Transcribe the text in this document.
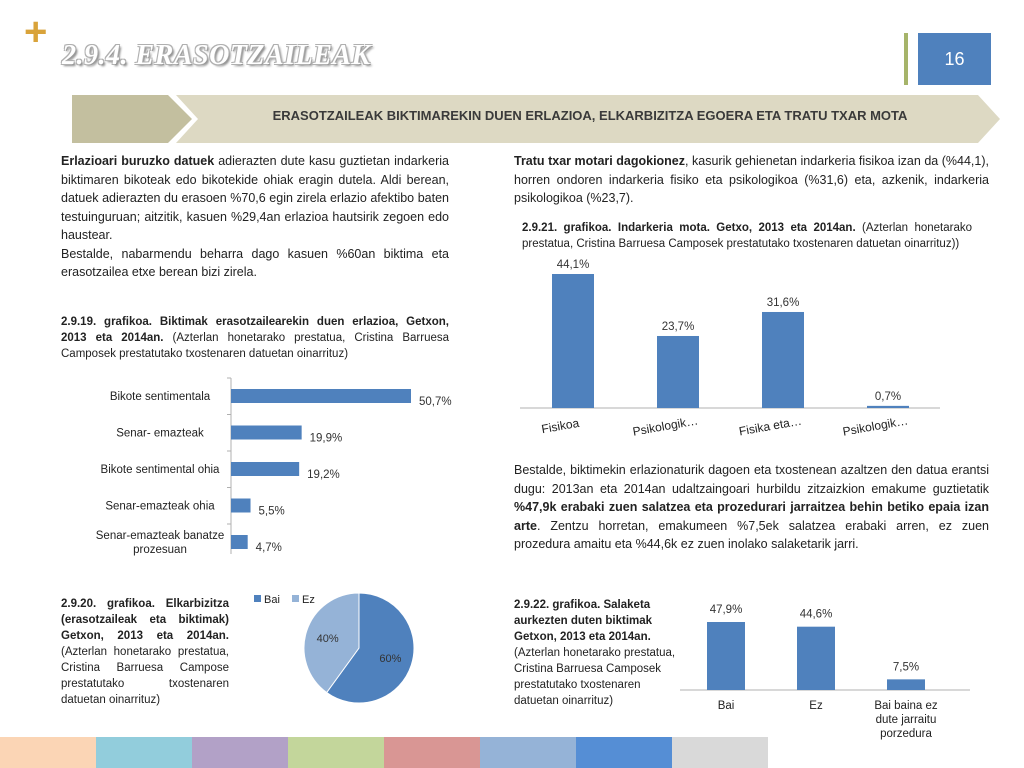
+
2.9.4. ERASOTZAILEAK	16
ERASOTZAILEAK BIKTIMAREKIN DUEN ERLAZIOA, ELKARBIZITZA EGOERA ETA TRATU TXAR MOTA
Erlazioari buruzko datuek adierazten dute kasu guztietan indarkeria biktimaren bikoteak edo bikotekide ohiak eragin dutela. Aldi berean, datuek adierazten du erasoen %70,6 egin zirela erlazio afektibo baten testuinguruan; aitzitik, kasuen %29,4an erlazioa hautsirik zegoen edo haustear.
Bestalde, nabarmendu beharra dago kasuen %60an biktima eta erasotzailea etxe berean bizi zirela.
2.9.19. grafikoa. Biktimak erasotzailearekin duen erlazioa, Getxon, 2013 eta 2014an. (Azterlan honetarako prestatua, Cristina Barruesa Camposek prestatutako txostenaren datuetan oinarrituz)
50,7%
Bikote sentimentala
19,9%
Senar- emazteak
19,2%
Bikote sentimental ohia
5,5%
Senar-emazteak ohia
4,7%
Senar-emazteak banatze
prozesuan
2.9.20. grafikoa. Elkarbizitza (erasotzaileak eta biktimak) Getxon, 2013 eta 2014an. (Azterlan honetarako prestatua, Cristina Barruesa Campose prestatutako txostenaren datuetan oinarrituz)
Bai Ez
60%
40%
Tratu txar motari dagokionez, kasurik gehienetan indarkeria fisikoa izan da (%44,1), horren ondoren indarkeria fisiko eta psikologikoa (%31,6) eta, azkenik, indarkeria psikologikoa (%23,7).
2.9.21. grafikoa. Indarkeria mota. Getxo, 2013 eta 2014an. (Azterlan honetarako prestatua, Cristina Barruesa Camposek prestatutako txostenaren datuetan oinarrituz))
44,1%
Fisikoa
23,7%
Psikologik…
31,6%
Fisika eta…
0,7%
Psikologik…
Bestalde, biktimekin erlazionaturik dagoen eta txostenean azaltzen den datua erantsi dugu: 2013an eta 2014an udaltzaingoari hurbildu zitzaizkion emakume guztietatik %47,9k erabaki zuen salatzea eta prozedurari jarraitzea behin betiko epaia izan arte. Zentzu horretan, emakumeen %7,5ek salatzea erabaki arren, ez zuen prozedura amaitu eta %44,6k ez zuen inolako salaketarik jarri.
2.9.22. grafikoa. Salaketa aurkezten duten biktimak Getxon, 2013 eta 2014an. (Azterlan honetarako prestatua, Cristina Barruesa Camposek prestatutako txostenaren datuetan oinarrituz)
47,9%
Bai
44,6%
Ez
7,5%
Bai baina ez
dute jarraitu
porzedura
